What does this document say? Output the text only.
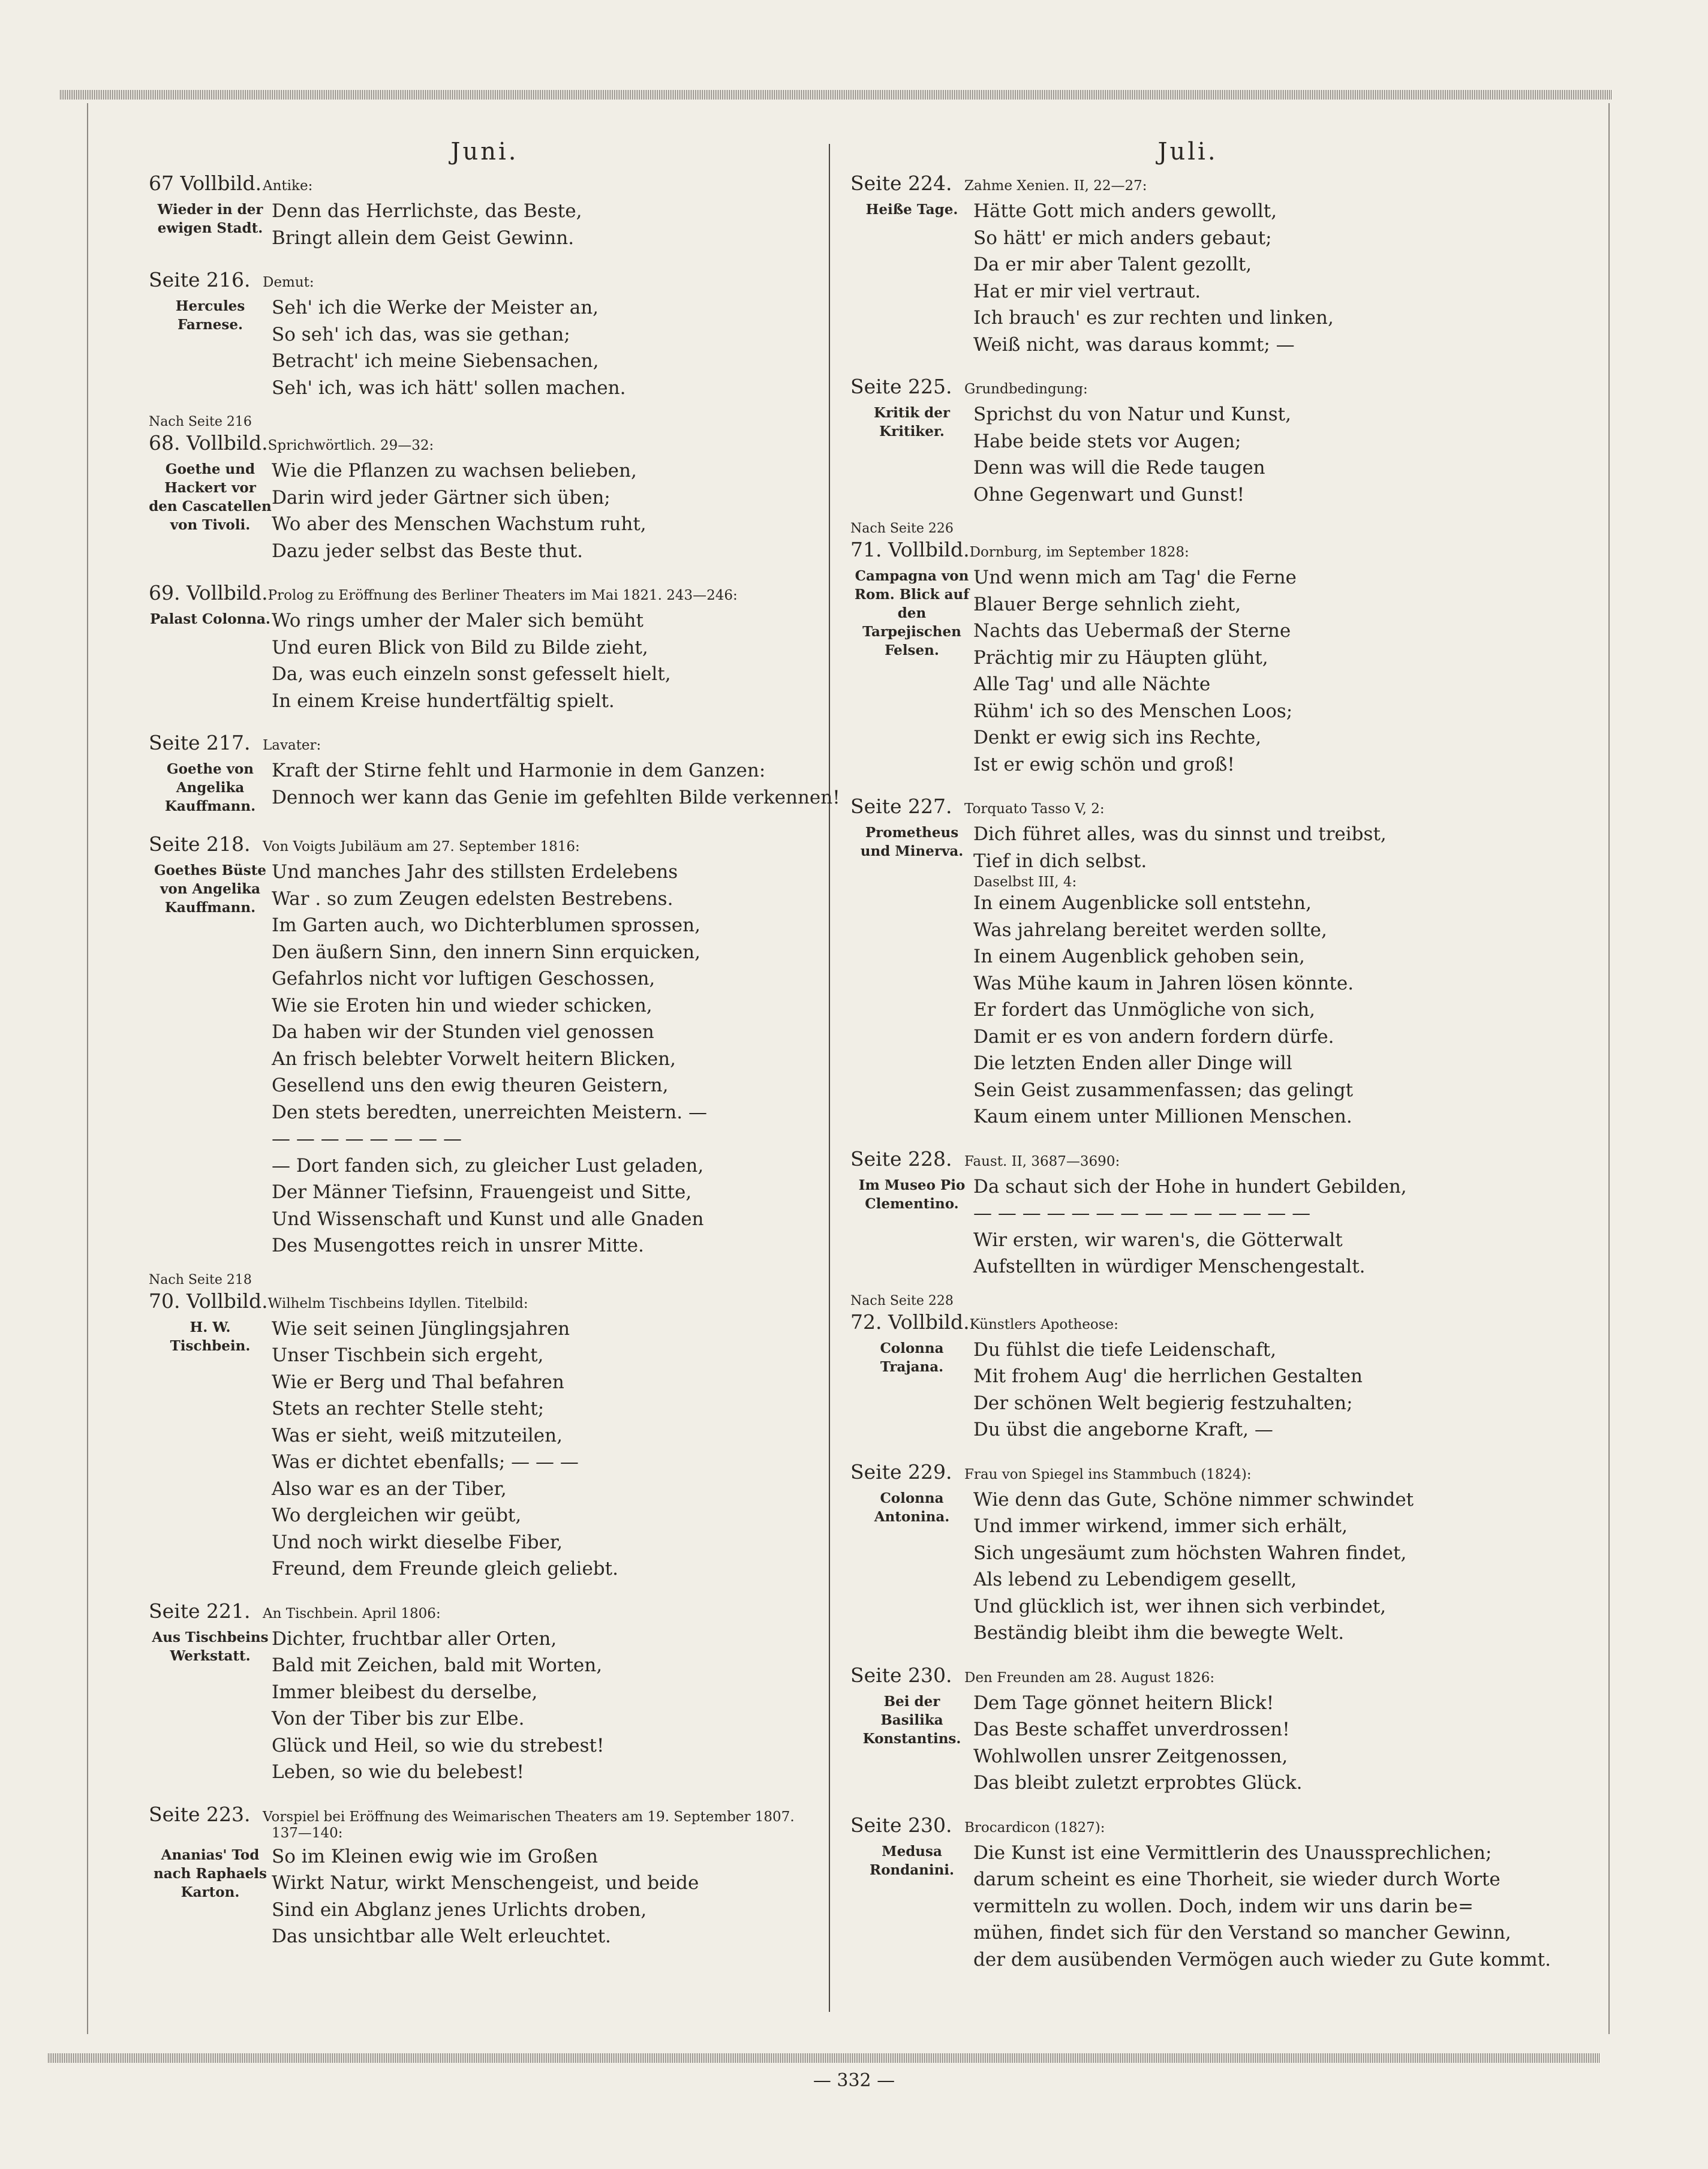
Juni.
67 Vollbild. Antike:
Wieder in der ewigen Stadt.
Denn das Herrlichste, das Beste,
Bringt allein dem Geist Gewinn.
Seite 216. Demut:
Hercules Farnese.
Seh' ich die Werke der Meister an,
So seh' ich das, was sie gethan;
Betracht' ich meine Siebensachen,
Seh' ich, was ich hätt' sollen machen.
Nach Seite 216
68. Vollbild. Sprichwörtlich. 29—32:
Goethe und Hackert vor den Cascatellen von Tivoli.
Wie die Pflanzen zu wachsen belieben,
Darin wird jeder Gärtner sich üben;
Wo aber des Menschen Wachstum ruht,
Dazu jeder selbst das Beste thut.
69. Vollbild. Prolog zu Eröffnung des Berliner Theaters im Mai 1821. 243—246:
Palast Colonna. Wo rings umher der Maler sich bemüht
Und euren Blick von Bild zu Bilde zieht,
Da, was euch einzeln sonst gefesselt hielt,
In einem Kreise hundertfältig spielt.
Seite 217. Lavater:
Goethe von Angelika Kauffmann.
Kraft der Stirne fehlt und Harmonie in dem Ganzen:
Dennoch wer kann das Genie im gefehlten Bilde verkennen!
Seite 218. Von Voigts Jubiläum am 27. September 1816:
Goethes Büste von Angelika Kauffmann.
Und manches Jahr des stillsten Erdelebens
War . so zum Zeugen edelsten Bestrebens.
Im Garten auch, wo Dichterblumen sprossen,
Den äußern Sinn, den innern Sinn erquicken,
Gefahrlos nicht vor luftigen Geschossen,
Wie sie Eroten hin und wieder schicken,
Da haben wir der Stunden viel genossen
An frisch belebter Vorwelt heitern Blicken,
Gesellend uns den ewig theuren Geistern,
Den stets beredten, unerreichten Meistern. —
— — — — — — — —
— Dort fanden sich, zu gleicher Lust geladen,
Der Männer Tiefsinn, Frauengeist und Sitte,
Und Wissenschaft und Kunst und alle Gnaden
Des Musengottes reich in unsrer Mitte.
Nach Seite 218
70. Vollbild. Wilhelm Tischbeins Idyllen. Titelbild:
H. W. Tischbein.
Wie seit seinen Jünglingsjahren
Unser Tischbein sich ergeht,
Wie er Berg und Thal befahren
Stets an rechter Stelle steht;
Was er sieht, weiß mitzuteilen,
Was er dichtet ebenfalls; — — —
Also war es an der Tiber,
Wo dergleichen wir geübt,
Und noch wirkt dieselbe Fiber,
Freund, dem Freunde gleich geliebt.
Seite 221. An Tischbein. April 1806:
Aus Tischbeins Werkstatt.
Dichter, fruchtbar aller Orten,
Bald mit Zeichen, bald mit Worten,
Immer bleibest du derselbe,
Von der Tiber bis zur Elbe.
Glück und Heil, so wie du strebest!
Leben, so wie du belebest!
Seite 223. Vorspiel bei Eröffnung des Weimarischen Theaters am 19. September 1807.
137—140:
Ananias' Tod nach Raphaels Karton.
So im Kleinen ewig wie im Großen
Wirkt Natur, wirkt Menschengeist, und beide
Sind ein Abglanz jenes Urlichts droben,
Das unsichtbar alle Welt erleuchtet.
Juli.
Seite 224. Zahme Xenien. II, 22—27:
Heiße Tage. Hätte Gott mich anders gewollt,
So hätt' er mich anders gebaut;
Da er mir aber Talent gezollt,
Hat er mir viel vertraut.
Ich brauch' es zur rechten und linken,
Weiß nicht, was daraus kommt; —
Seite 225. Grundbedingung:
Kritik der Kritiker.
Sprichst du von Natur und Kunst,
Habe beide stets vor Augen;
Denn was will die Rede taugen
Ohne Gegenwart und Gunst!
Nach Seite 226
71. Vollbild. Dornburg, im September 1828:
Campagna von Rom. Blick auf den Tarpejischen Felsen.
Und wenn mich am Tag' die Ferne
Blauer Berge sehnlich zieht,
Nachts das Uebermaß der Sterne
Prächtig mir zu Häupten glüht,
Alle Tag' und alle Nächte
Rühm' ich so des Menschen Loos;
Denkt er ewig sich ins Rechte,
Ist er ewig schön und groß!
Seite 227. Torquato Tasso V, 2:
Prometheus und Minerva.
Dich führet alles, was du sinnst und treibst,
Tief in dich selbst.
Daselbst III, 4:
In einem Augenblicke soll entstehn,
Was jahrelang bereitet werden sollte,
In einem Augenblick gehoben sein,
Was Mühe kaum in Jahren lösen könnte.
Er fordert das Unmögliche von sich,
Damit er es von andern fordern dürfe.
Die letzten Enden aller Dinge will
Sein Geist zusammenfassen; das gelingt
Kaum einem unter Millionen Menschen.
Seite 228. Faust. II, 3687—3690:
Im Museo Pio Clementino.
Da schaut sich der Hohe in hundert Gebilden,
— — — — — — — — — — — — — —
Wir ersten, wir waren's, die Götterwalt
Aufstellten in würdiger Menschengestalt.
Nach Seite 228
72. Vollbild. Künstlers Apotheose:
Colonna Trajana.
Du fühlst die tiefe Leidenschaft,
Mit frohem Aug' die herrlichen Gestalten
Der schönen Welt begierig festzuhalten;
Du übst die angeborne Kraft, —
Seite 229. Frau von Spiegel ins Stammbuch (1824):
Colonna Antonina.
Wie denn das Gute, Schöne nimmer schwindet
Und immer wirkend, immer sich erhält,
Sich ungesäumt zum höchsten Wahren findet,
Als lebend zu Lebendigem gesellt,
Und glücklich ist, wer ihnen sich verbindet,
Beständig bleibt ihm die bewegte Welt.
Seite 230. Den Freunden am 28. August 1826:
Bei der Basilika Konstantins.
Dem Tage gönnet heitern Blick!
Das Beste schaffet unverdrossen!
Wohlwollen unsrer Zeitgenossen,
Das bleibt zuletzt erprobtes Glück.
Seite 230. Brocardicon (1827):
Medusa Rondanini.
Die Kunst ist eine Vermittlerin des Unaussprechlichen;
darum scheint es eine Thorheit, sie wieder durch Worte
vermitteln zu wollen. Doch, indem wir uns darin be=
mühen, findet sich für den Verstand so mancher Gewinn,
der dem ausübenden Vermögen auch wieder zu Gute kommt.
— 332 —
